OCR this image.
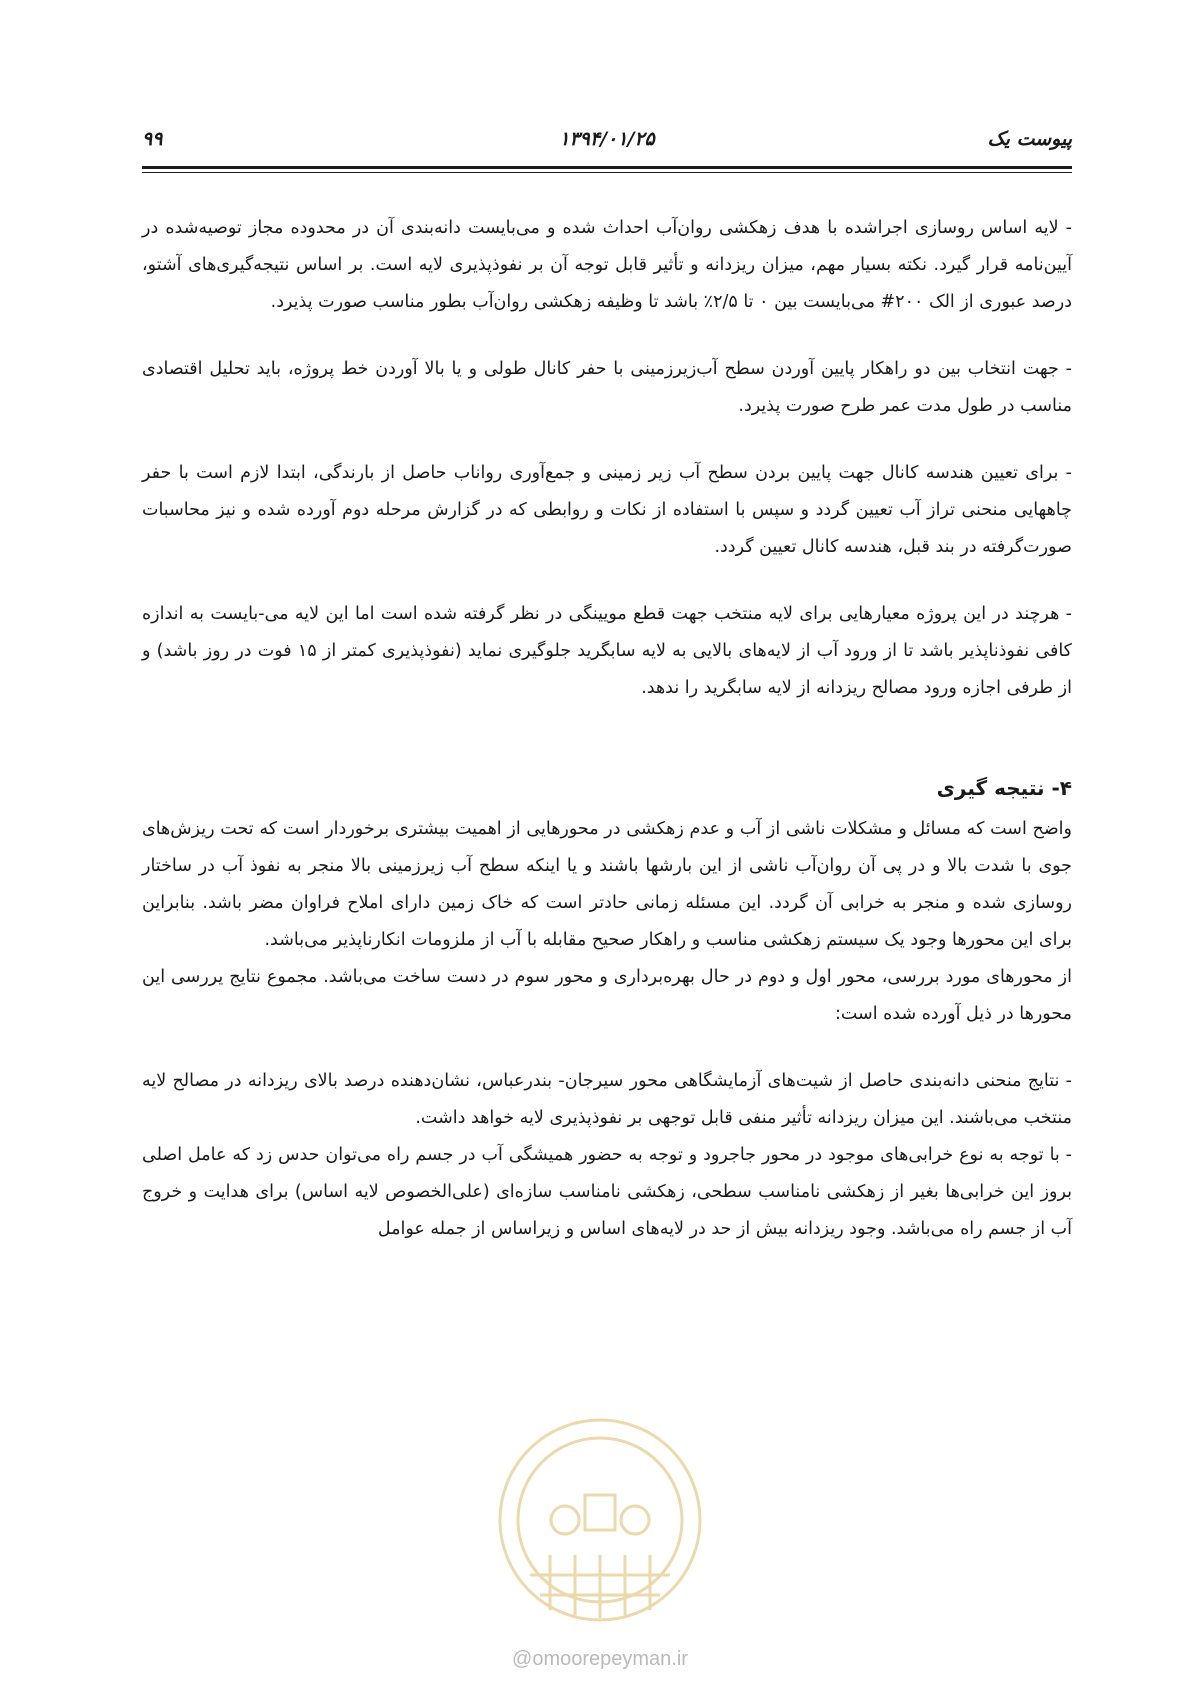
پیوست یک
۱۳۹۴/۰۱/۲۵
۹۹

- لایه اساس روسازی اجراشده با هدف زهکشی روان‌آب احداث شده و می‌بایست دانه‌بندی آن در محدوده مجاز توصیه‌شده در آیین‌نامه قرار گیرد. نکته بسیار مهم، میزان ریزدانه و تأثیر قابل توجه آن بر نفوذپذیری لایه است. بر اساس نتیجه‌گیری‌های آشتو، درصد عبوری از الک ۲۰۰# می‌بایست بین ۰ تا ۲/۵٪ باشد تا وظیفه زهکشی روان‌آب بطور مناسب صورت پذیرد.

- جهت انتخاب بین دو راهکار پایین آوردن سطح آب‌زیرزمینی با حفر کانال طولی و یا بالا آوردن خط پروژه، باید تحلیل اقتصادی مناسب در طول مدت عمر طرح صورت پذیرد.

- برای تعیین هندسه کانال جهت پایین بردن سطح آب زیر زمینی و جمع‌آوری رواناب حاصل از بارندگی، ابتدا لازم است با حفر چاههایی منحنی تراز آب تعیین گردد و سپس با استفاده از نکات و روابطی که در گزارش مرحله دوم آورده شده و نیز محاسبات صورت‌گرفته در بند قبل، هندسه کانال تعیین گردد.

- هرچند در این پروژه معیارهایی برای لایه منتخب جهت قطع مویینگی در نظر گرفته شده است اما این لایه می-بایست به اندازه کافی نفوذناپذیر باشد تا از ورود آب از لایه‌های بالایی به لایه سابگرید جلوگیری نماید (نفوذپذیری کمتر از ۱۵ فوت در روز باشد) و از طرفی اجازه ورود مصالح ریزدانه از لایه سابگرید را ندهد.

۴- نتیجه گیری

واضح است که مسائل و مشکلات ناشی از آب و عدم زهکشی در محورهایی از اهمیت بیشتری برخوردار است که تحت ریزش‌های جوی با شدت بالا و در پی آن روان‌آب ناشی از این بارشها باشند و یا اینکه سطح آب زیرزمینی بالا منجر به نفوذ آب در ساختار روسازی شده و منجر به خرابی آن گردد. این مسئله زمانی حادتر است که خاک زمین دارای املاح فراوان مضر باشد. بنابراین برای این محورها وجود یک سیستم زهکشی مناسب و راهکار صحیح مقابله با آب از ملزومات انکارناپذیر می‌باشد.

از محورهای مورد بررسی، محور اول و دوم در حال بهره‌برداری و محور سوم در دست ساخت می‌باشد. مجموع نتایج یررسی این محورها در ذیل آورده شده است:

- نتایج منحنی دانه‌بندی حاصل از شیت‌های آزمایشگاهی محور سیرجان- بندرعباس، نشان‌دهنده درصد بالای ریزدانه در مصالح لایه منتخب می‌باشند. این میزان ریزدانه تأثیر منفی قابل توجهی بر نفوذپذیری لایه خواهد داشت.

- با توجه به نوع خرابی‌های موجود در محور جاجرود و توجه به حضور همیشگی آب در جسم راه می‌توان حدس زد که عامل اصلی بروز این خرابی‌ها بغیر از زهکشی نامناسب سطحی، زهکشی نامناسب سازه‌ای (علی‌الخصوص لایه اساس) برای هدایت و خروج آب از جسم راه می‌باشد. وجود ریزدانه بیش از حد در لایه‌های اساس و زیراساس از جمله عوامل

@omoorepeyman.ir
